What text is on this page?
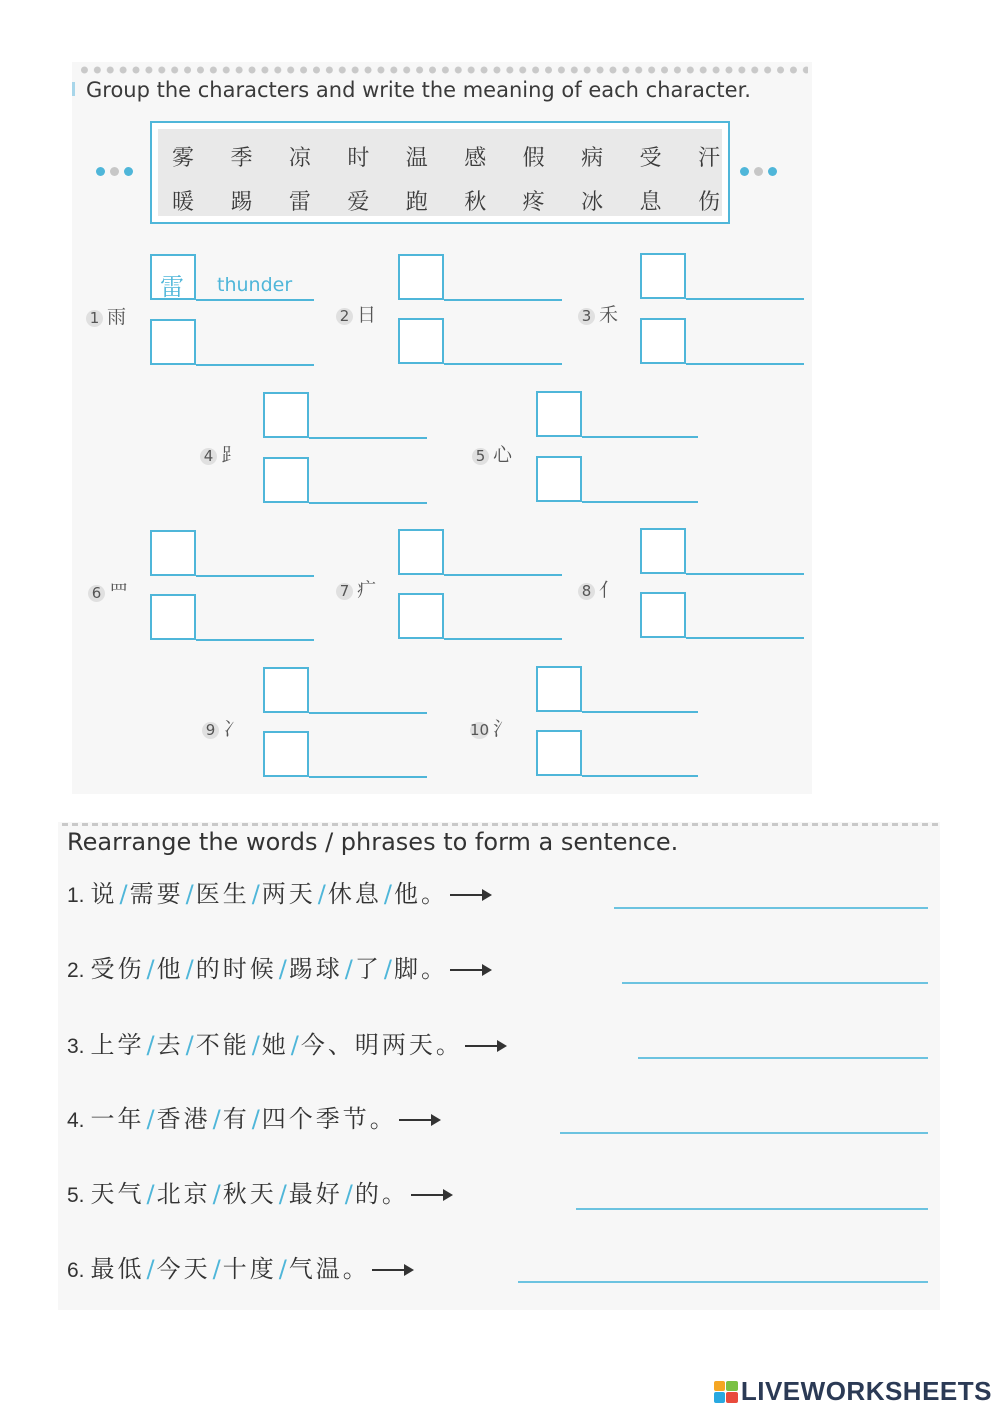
Group the characters and write the meaning of each character.
雾 季 凉 时 温 感 假 病 受 汗
暖 踢 雷 爱 跑 秋 疼 冰 息 伤
1 雨
雷 thunder
2 日	3 禾
4 ⻊	5 心
6 ⺫	7 疒	8 亻
9 冫	10 氵
Rearrange the words / phrases to form a sentence.
1. 说/需要/医生/两天/休息/他。
2. 受伤/他/的时候/踢球/了/脚。
3. 上学/去/不能/她/今、明两天。
4. 一年/香港/有/四个季节。
5. 天气/北京/秋天/最好/的。
6. 最低/今天/十度/气温。
LIVEWORKSHEETS
